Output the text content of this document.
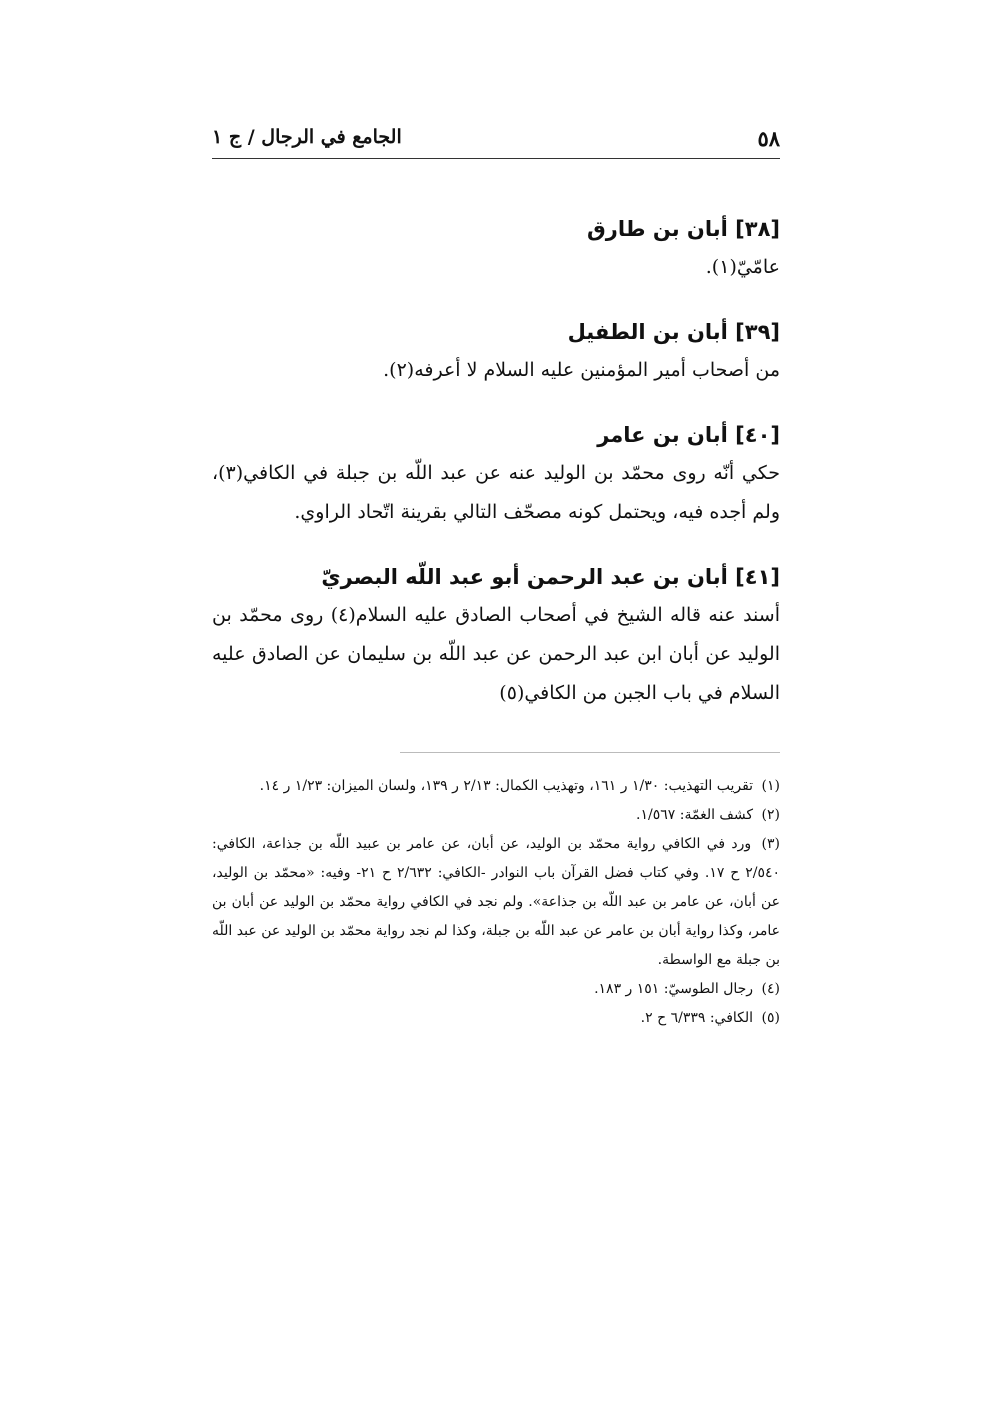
٥٨
الجامع في الرجال / ج ١
[٣٨] أبان بن طارق
عامّيّ(١).
[٣٩] أبان بن الطفيل
من أصحاب أمير المؤمنين عليه السلام لا أعرفه(٢).
[٤٠] أبان بن عامر
حكي أنّه روى محمّد بن الوليد عنه عن عبد اللّه بن جبلة في الكافي(٣)، ولم أجده فيه، ويحتمل كونه مصحّف التالي بقرينة اتّحاد الراوي.
[٤١] أبان بن عبد الرحمن أبو عبد اللّه البصريّ
أسند عنه قاله الشيخ في أصحاب الصادق عليه السلام(٤) روى محمّد بن الوليد عن أبان ابن عبد الرحمن عن عبد اللّه بن سليمان عن الصادق عليه السلام في باب الجبن من الكافي(٥)

(١) تقريب التهذيب: ١/٣٠ ر ١٦١، وتهذيب الكمال: ٢/١٣ ر ١٣٩، ولسان الميزان: ١/٢٣ ر ١٤.

(٢) كشف الغمّة: ١/٥٦٧.

(٣) ورد في الكافي رواية محمّد بن الوليد، عن أبان، عن عامر بن عبيد اللّه بن جذاعة، الكافي: ٢/٥٤٠ ح ١٧. وفي كتاب فضل القرآن باب النوادر -الكافي: ٢/٦٣٢ ح ٢١- وفيه: «محمّد بن الوليد، عن أبان، عن عامر بن عبد اللّه بن جذاعة». ولم نجد في الكافي رواية محمّد بن الوليد عن أبان بن عامر، وكذا رواية أبان بن عامر عن عبد اللّه بن جبلة، وكذا لم نجد رواية محمّد بن الوليد عن عبد اللّه بن جبلة مع الواسطة.

(٤) رجال الطوسيّ: ١٥١ ر ١٨٣.

(٥) الكافي: ٦/٣٣٩ ح ٢.
